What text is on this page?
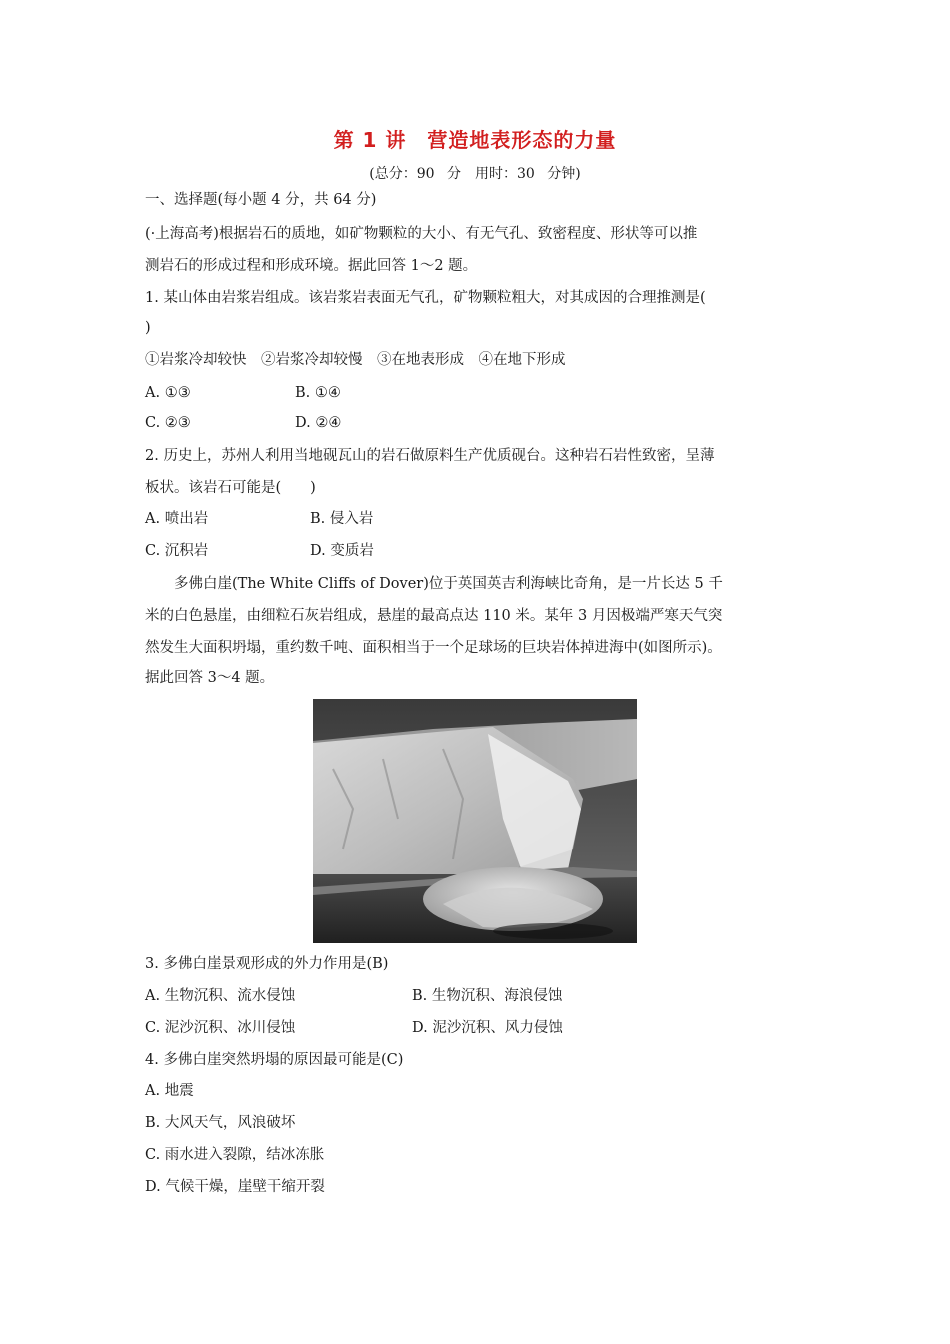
第 1 讲　营造地表形态的力量
(总分：90 分　用时：30 分钟)
一、选择题(每小题 4 分，共 64 分)
(·上海高考)根据岩石的质地，如矿物颗粒的大小、有无气孔、致密程度、形状等可以推
测岩石的形成过程和形成环境。据此回答 1～2 题。
1. 某山体由岩浆岩组成。该岩浆岩表面无气孔，矿物颗粒粗大，对其成因的合理推测是(
)
①岩浆冷却较快　②岩浆冷却较慢　③在地表形成　④在地下形成
A. ①③	B. ①④
C. ②③	D. ②④
2. 历史上，苏州人利用当地砚瓦山的岩石做原料生产优质砚台。这种岩石岩性致密，呈薄
板状。该岩石可能是(　　)
A. 喷出岩	B. 侵入岩
C. 沉积岩	D. 变质岩
多佛白崖(The White Cliffs of Dover)位于英国英吉利海峡比奇角，是一片长达 5 千
米的白色悬崖，由细粒石灰岩组成，悬崖的最高点达 110 米。某年 3 月因极端严寒天气突
然发生大面积坍塌，重约数千吨、面积相当于一个足球场的巨块岩体掉进海中(如图所示)。
据此回答 3～4 题。
3. 多佛白崖景观形成的外力作用是(B)
A. 生物沉积、流水侵蚀	B. 生物沉积、海浪侵蚀
C. 泥沙沉积、冰川侵蚀	D. 泥沙沉积、风力侵蚀
4. 多佛白崖突然坍塌的原因最可能是(C)
A. 地震
B. 大风天气，风浪破坏
C. 雨水进入裂隙，结冰冻胀
D. 气候干燥，崖壁干缩开裂
